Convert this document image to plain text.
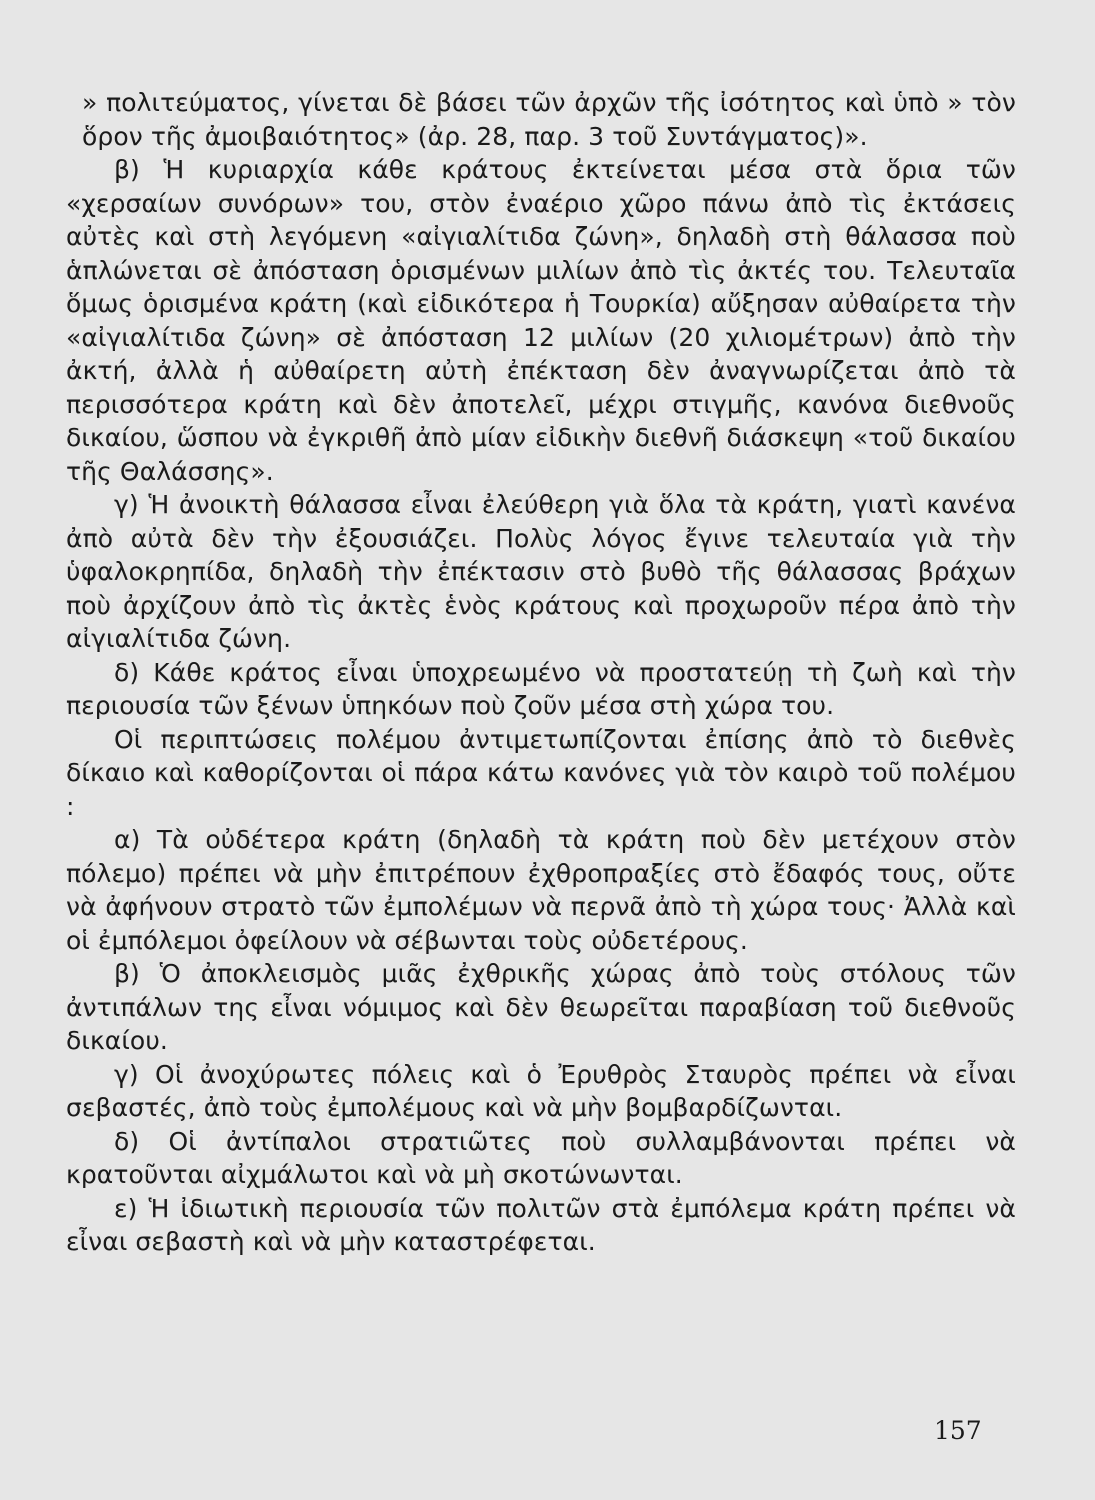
» πολιτεύματος, γίνεται δὲ βάσει τῶν ἀρχῶν τῆς ἰσότητος καὶ ὑπὸ » τὸν ὅρον τῆς ἀμοιβαιότητος» (ἀρ. 28, παρ. 3 τοῦ Συντάγματος)».

β) Ἡ κυριαρχία κάθε κράτους ἐκτείνεται μέσα στὰ ὅρια τῶν «χερσαίων συνόρων» του, στὸν ἐναέριο χῶρο πάνω ἀπὸ τὶς ἐκτάσεις αὐτὲς καὶ στὴ λεγόμενη «αἰγιαλίτιδα ζώνη», δηλαδὴ στὴ θάλασσα ποὺ ἁπλώνεται σὲ ἀπόσταση ὁρισμένων μιλίων ἀπὸ τὶς ἀκτές του. Τελευταῖα ὅμως ὁρισμένα κράτη (καὶ εἰδικότερα ἡ Τουρκία) αὔξησαν αὐθαίρετα τὴν «αἰγιαλίτιδα ζώνη» σὲ ἀπόσταση 12 μιλίων (20 χιλιομέτρων) ἀπὸ τὴν ἀκτή, ἀλλὰ ἡ αὐθαίρετη αὐτὴ ἐπέκταση δὲν ἀναγνωρίζεται ἀπὸ τὰ περισσότερα κράτη καὶ δὲν ἀποτελεῖ, μέχρι στιγμῆς, κανόνα διεθνοῦς δικαίου, ὥσπου νὰ ἐγκριθῆ ἀπὸ μίαν εἰδικὴν διεθνῆ διάσκεψη «τοῦ δικαίου τῆς Θαλάσσης».

γ) Ἡ ἀνοικτὴ θάλασσα εἶναι ἐλεύθερη γιὰ ὅλα τὰ κράτη, γιατὶ κανένα ἀπὸ αὐτὰ δὲν τὴν ἐξουσιάζει. Πολὺς λόγος ἔγινε τελευταία γιὰ τὴν ὑφαλοκρηπίδα, δηλαδὴ τὴν ἐπέκτασιν στὸ βυθὸ τῆς θάλασσας βράχων ποὺ ἀρχίζουν ἀπὸ τὶς ἀκτὲς ἑνὸς κράτους καὶ προχωροῦν πέρα ἀπὸ τὴν αἰγιαλίτιδα ζώνη.

δ) Κάθε κράτος εἶναι ὑποχρεωμένο νὰ προστατεύῃ τὴ ζωὴ καὶ τὴν περιουσία τῶν ξένων ὑπηκόων ποὺ ζοῦν μέσα στὴ χώρα του.

Οἱ περιπτώσεις πολέμου ἀντιμετωπίζονται ἐπίσης ἀπὸ τὸ διεθνὲς δίκαιο καὶ καθορίζονται οἱ πάρα κάτω κανόνες γιὰ τὸν καιρὸ τοῦ πολέμου :

α) Τὰ οὐδέτερα κράτη (δηλαδὴ τὰ κράτη ποὺ δὲν μετέχουν στὸν πόλεμο) πρέπει νὰ μὴν ἐπιτρέπουν ἐχθροπραξίες στὸ ἔδαφός τους, οὔτε νὰ ἀφήνουν στρατὸ τῶν ἐμπολέμων νὰ περνᾶ ἀπὸ τὴ χώρα τους· Ἀλλὰ καὶ οἱ ἐμπόλεμοι ὀφείλουν νὰ σέβωνται τοὺς οὐδετέρους.

β) Ὁ ἀποκλεισμὸς μιᾶς ἐχθρικῆς χώρας ἀπὸ τοὺς στόλους τῶν ἀντιπάλων της εἶναι νόμιμος καὶ δὲν θεωρεῖται παραβίαση τοῦ διεθνοῦς δικαίου.

γ) Οἱ ἀνοχύρωτες πόλεις καὶ ὁ Ἐρυθρὸς Σταυρὸς πρέπει νὰ εἶναι σεβαστές, ἀπὸ τοὺς ἐμπολέμους καὶ νὰ μὴν βομβαρδίζωνται.

δ) Οἱ ἀντίπαλοι στρατιῶτες ποὺ συλλαμβάνονται πρέπει νὰ κρατοῦνται αἰχμάλωτοι καὶ νὰ μὴ σκοτώνωνται.

ε) Ἡ ἰδιωτικὴ περιουσία τῶν πολιτῶν στὰ ἐμπόλεμα κράτη πρέπει νὰ εἶναι σεβαστὴ καὶ νὰ μὴν καταστρέφεται.

157
